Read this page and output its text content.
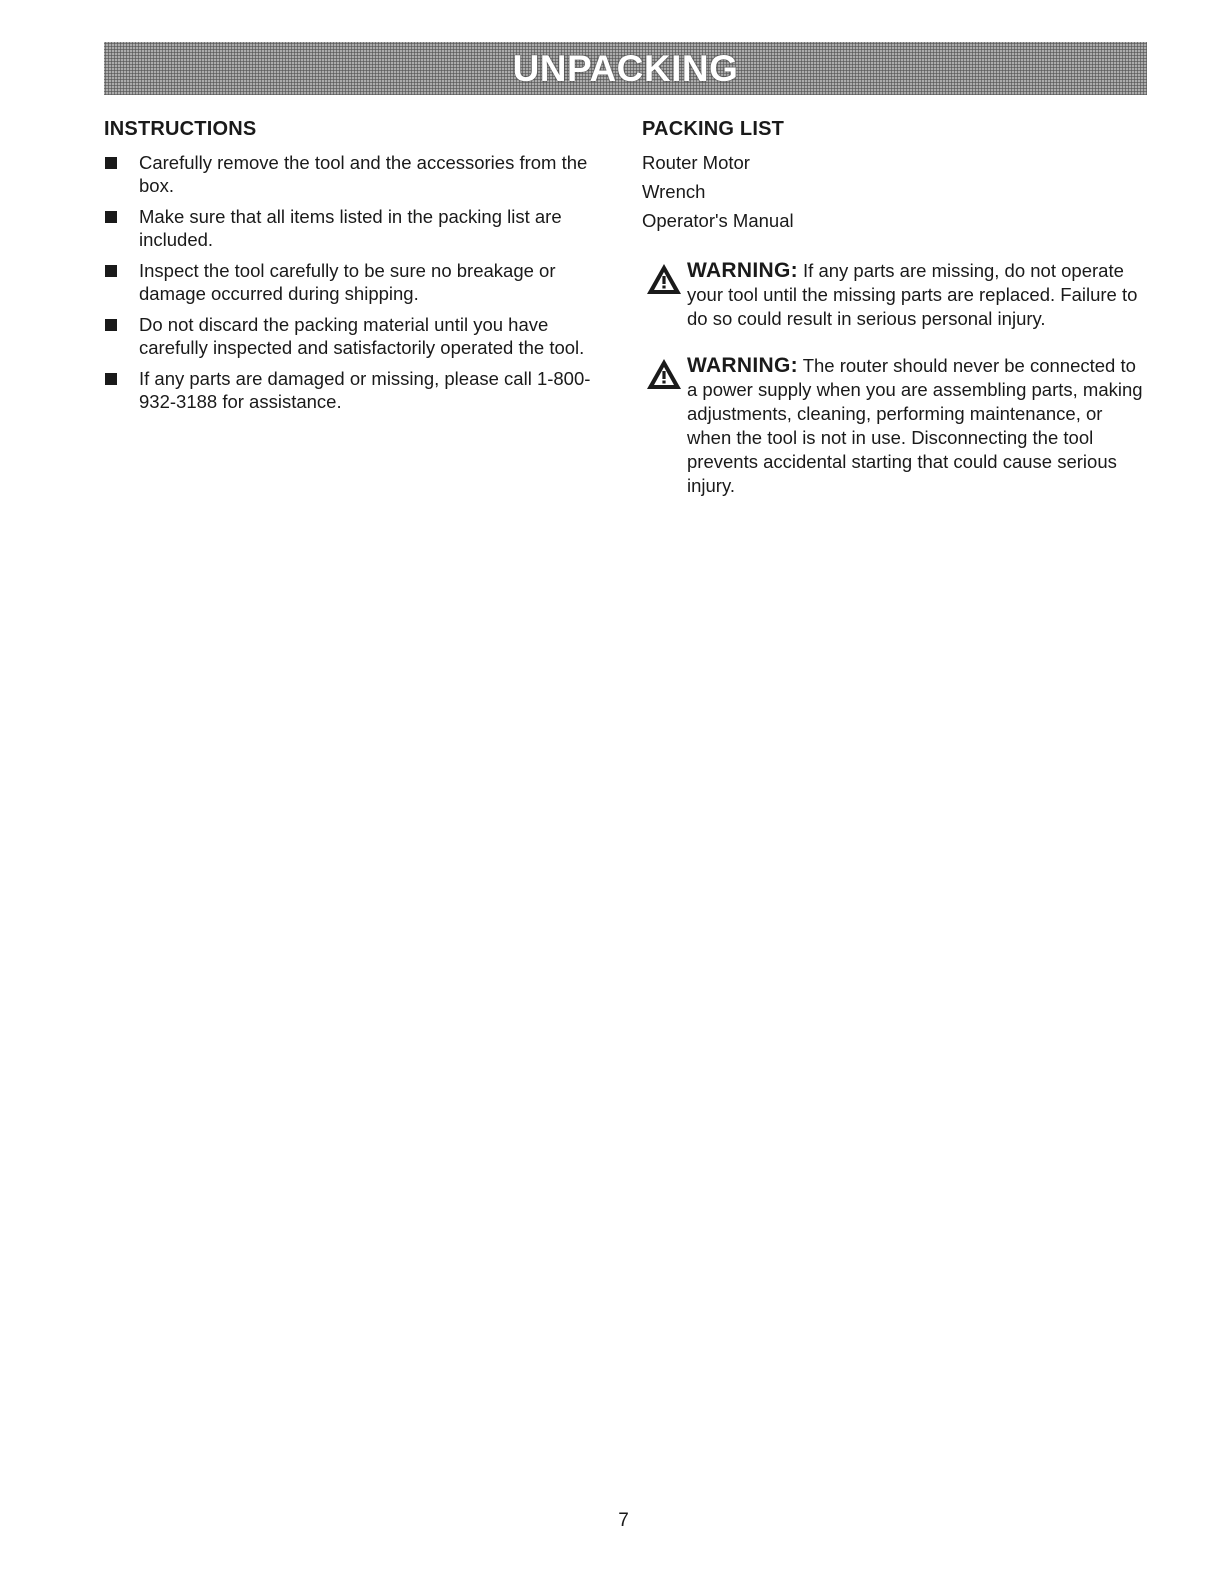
UNPACKING
INSTRUCTIONS
Carefully remove the tool and the accessories from the box.
Make sure that all items listed in the packing list are included.
Inspect the tool carefully to be sure no breakage or damage occurred during shipping.
Do not discard the packing material until you have carefully inspected and satisfactorily operated the tool.
If any parts are damaged or missing, please call 1-800-932-3188 for assistance.
PACKING LIST
Router Motor
Wrench
Operator's Manual
WARNING: If any parts are missing, do not operate your tool until the missing parts are replaced. Failure to do so could result in serious personal injury.
WARNING: The router should never be connected to a power supply when you are assembling parts, making adjustments, cleaning, performing maintenance, or when the tool is not in use. Disconnecting the tool prevents accidental starting that could cause serious injury.
7
